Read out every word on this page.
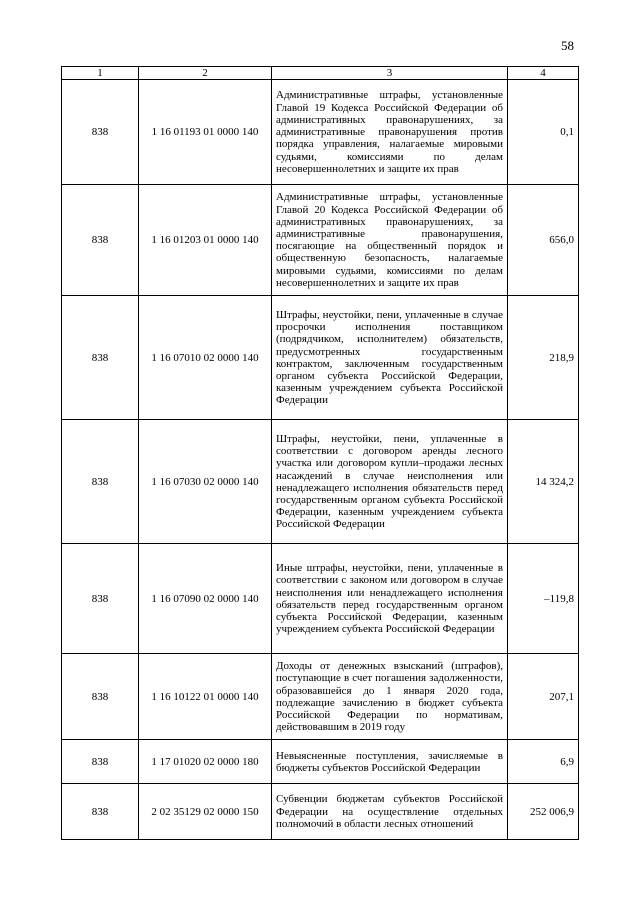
58
1	2	3	4
838	1 16 01193 01 0000 140	Административные штрафы, установленные Главой 19 Кодекса Российской Федерации об административных правонарушениях, за административные правонарушения против порядка управления, налагаемые мировыми судьями, комиссиями по делам несовершеннолетних и защите их прав	0,1
838	1 16 01203 01 0000 140	Административные штрафы, установленные Главой 20 Кодекса Российской Федерации об административных правонарушениях, за административные правонарушения, посягающие на общественный порядок и общественную безопасность, налагаемые мировыми судьями, комиссиями по делам несовершеннолетних и защите их прав	656,0
838	1 16 07010 02 0000 140	Штрафы, неустойки, пени, уплаченные в случае просрочки исполнения поставщиком (подрядчиком, исполнителем) обязательств, предусмотренных государственным контрактом, заключенным государственным органом субъекта Российской Федерации, казенным учреждением субъекта Российской Федерации	218,9
838	1 16 07030 02 0000 140	Штрафы, неустойки, пени, уплаченные в соответствии с договором аренды лесного участка или договором купли–продажи лесных насаждений в случае неисполнения или ненадлежащего исполнения обязательств перед государственным органом субъекта Российской Федерации, казенным учреждением субъекта Российской Федерации	14 324,2
838	1 16 07090 02 0000 140	Иные штрафы, неустойки, пени, уплаченные в соответствии с законом или договором в случае неисполнения или ненадлежащего исполнения обязательств перед государственным органом субъекта Российской Федерации, казенным учреждением субъекта Российской Федерации	–119,8
838	1 16 10122 01 0000 140	Доходы от денежных взысканий (штрафов), поступающие в счет погашения задолженности, образовавшейся до 1 января 2020 года, подлежащие зачислению в бюджет субъекта Российской Федерации по нормативам, действовавшим в 2019 году	207,1
838	1 17 01020 02 0000 180	Невыясненные поступления, зачисляемые в бюджеты субъектов Российской Федерации	6,9
838	2 02 35129 02 0000 150	Субвенции бюджетам субъектов Российской Федерации на осуществление отдельных полномочий в области лесных отношений	252 006,9
